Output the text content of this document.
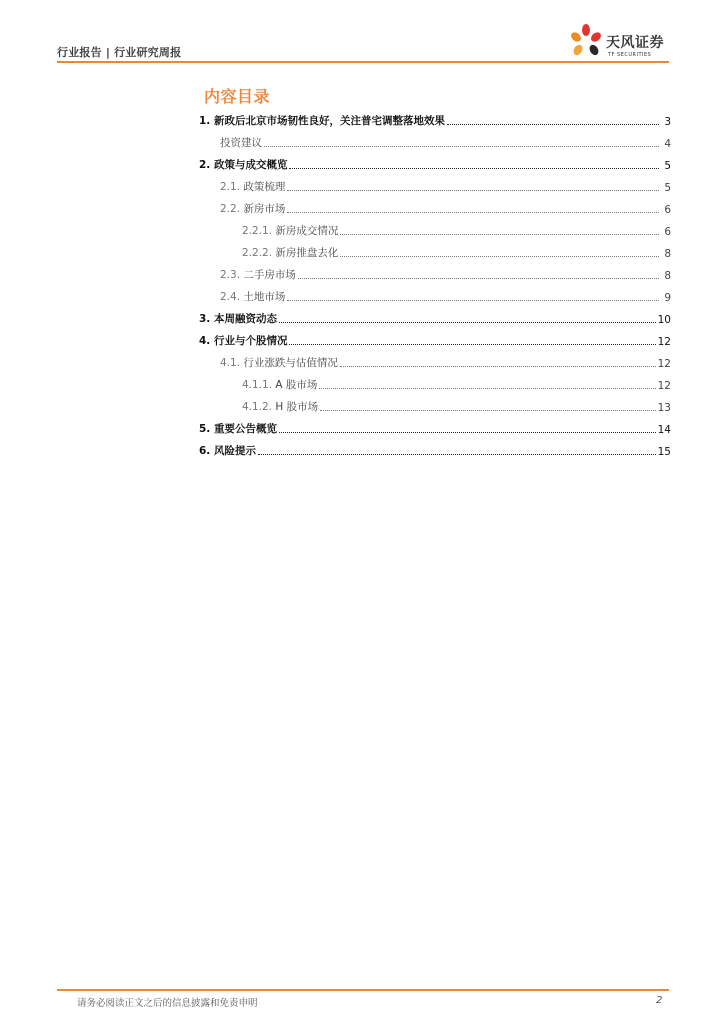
行业报告 | 行业研究周报
天风证券
TF SECURITIES
内容目录
1. 新政后北京市场韧性良好，关注普宅调整落地效果	3
投资建议	4
2. 政策与成交概览	5
2.1. 政策梳理	5
2.2. 新房市场	6
2.2.1. 新房成交情况	6
2.2.2. 新房推盘去化	8
2.3. 二手房市场	8
2.4. 土地市场	9
3. 本周融资动态	10
4. 行业与个股情况	12
4.1. 行业涨跌与估值情况	12
4.1.1. A 股市场	12
4.1.2. H 股市场	13
5. 重要公告概览	14
6. 风险提示	15
请务必阅读正文之后的信息披露和免责申明	2
